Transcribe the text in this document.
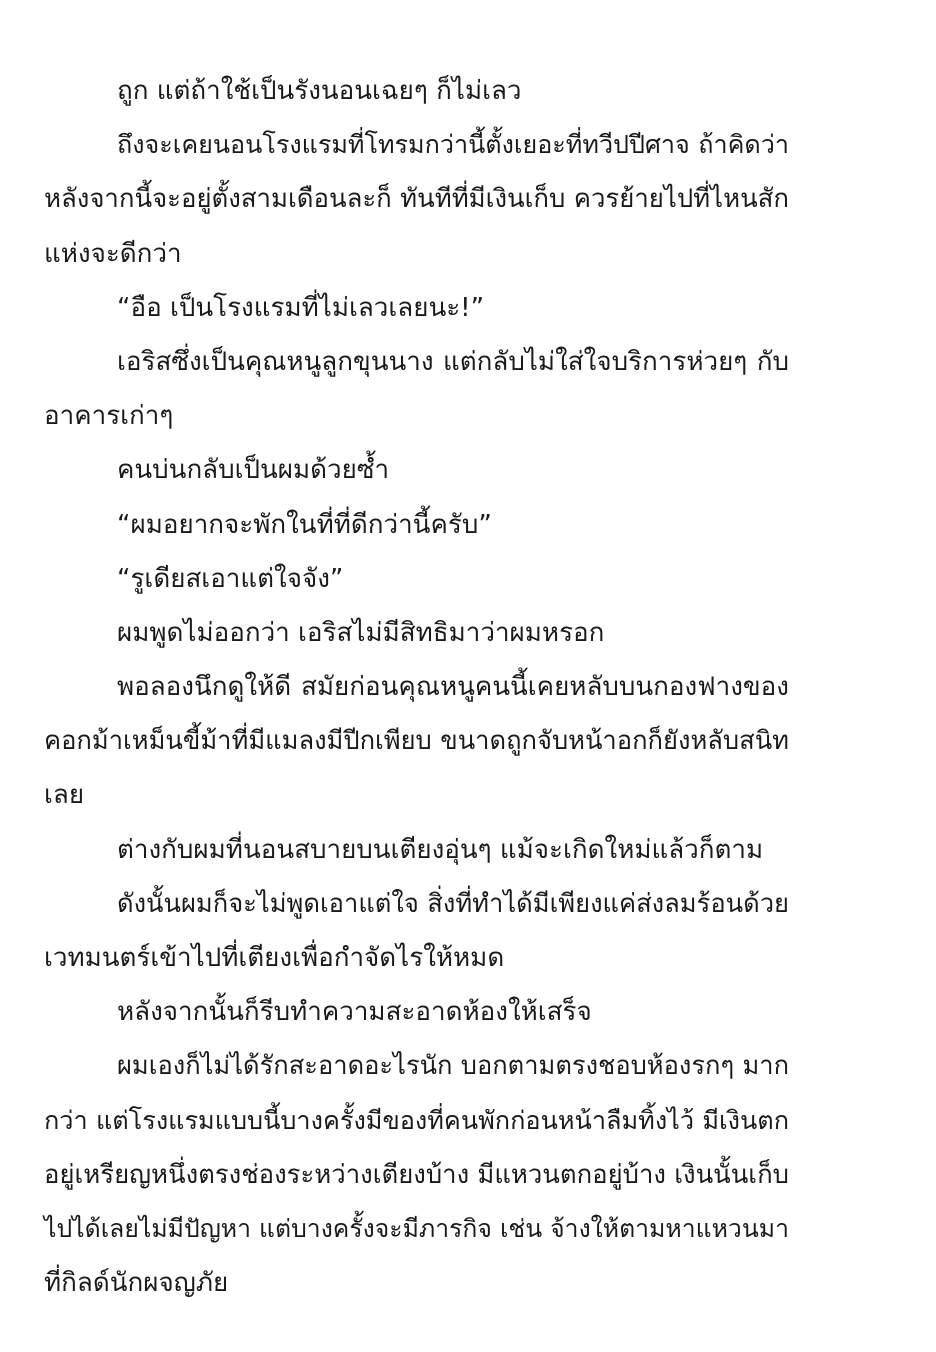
ถูก แต่ถ้าใช้เป็นรังนอนเฉยๆ ก็ไม่เลว
ถึงจะเคยนอนโรงแรมที่โทรมกว่านี้ตั้งเยอะที่ทวีปปีศาจ ถ้าคิดว่า
หลังจากนี้จะอยู่ตั้งสามเดือนละก็ ทันทีที่มีเงินเก็บ ควรย้ายไปที่ไหนสัก
แห่งจะดีกว่า
“อือ เป็นโรงแรมที่ไม่เลวเลยนะ!”
เอริสซึ่งเป็นคุณหนูลูกขุนนาง แต่กลับไม่ใส่ใจบริการห่วยๆ กับ
อาคารเก่าๆ
คนบ่นกลับเป็นผมด้วยซ้ำ
“ผมอยากจะพักในที่ที่ดีกว่านี้ครับ”
“รูเดียสเอาแต่ใจจัง”
ผมพูดไม่ออกว่า เอริสไม่มีสิทธิมาว่าผมหรอก
พอลองนึกดูให้ดี สมัยก่อนคุณหนูคนนี้เคยหลับบนกองฟางของ
คอกม้าเหม็นขี้ม้าที่มีแมลงมีปีกเพียบ ขนาดถูกจับหน้าอกก็ยังหลับสนิท
เลย
ต่างกับผมที่นอนสบายบนเตียงอุ่นๆ แม้จะเกิดใหม่แล้วก็ตาม
ดังนั้นผมก็จะไม่พูดเอาแต่ใจ สิ่งที่ทำได้มีเพียงแค่ส่งลมร้อนด้วย
เวทมนตร์เข้าไปที่เตียงเพื่อกำจัดไรให้หมด
หลังจากนั้นก็รีบทำความสะอาดห้องให้เสร็จ
ผมเองก็ไม่ได้รักสะอาดอะไรนัก บอกตามตรงชอบห้องรกๆ มาก
กว่า แต่โรงแรมแบบนี้บางครั้งมีของที่คนพักก่อนหน้าลืมทิ้งไว้ มีเงินตก
อยู่เหรียญหนึ่งตรงช่องระหว่างเตียงบ้าง มีแหวนตกอยู่บ้าง เงินนั้นเก็บ
ไปได้เลยไม่มีปัญหา แต่บางครั้งจะมีภารกิจ เช่น จ้างให้ตามหาแหวนมา
ที่กิลด์นักผจญภัย
